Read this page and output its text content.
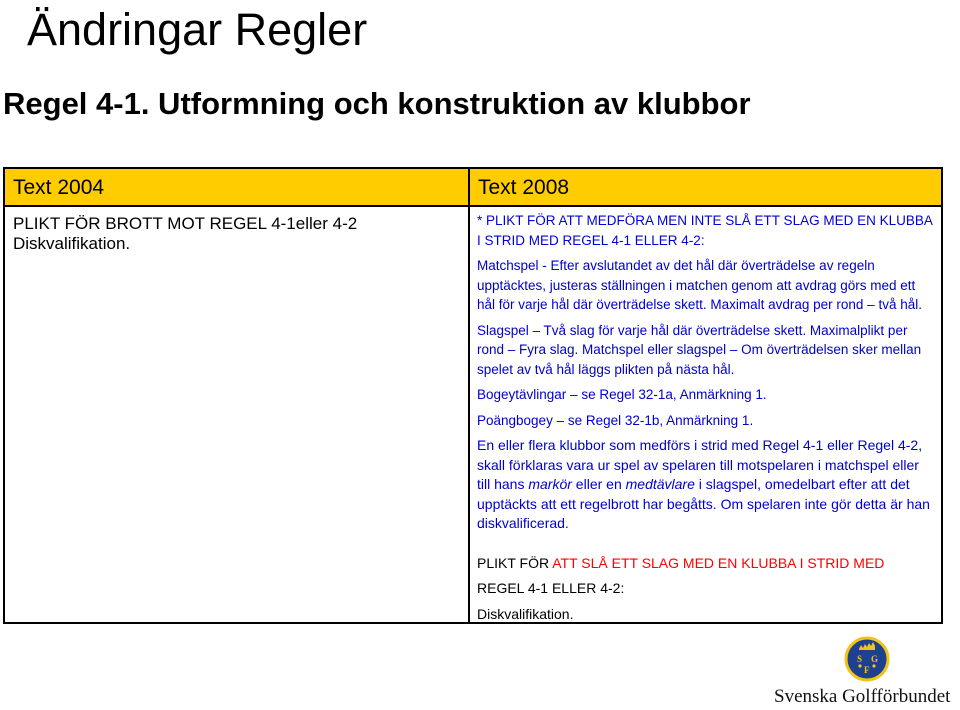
Ändringar Regler
Regel 4-1. Utformning och konstruktion av klubbor
Text 2004	Text 2008
PLIKT FÖR BROTT MOT REGEL 4-1eller 4-2
Diskvalifikation.

* PLIKT FÖR ATT MEDFÖRA MEN INTE SLÅ ETT SLAG MED EN KLUBBA I STRID MED REGEL 4-1 ELLER 4-2:

Matchspel - Efter avslutandet av det hål där överträdelse av regeln upptäcktes, justeras ställningen i matchen genom att avdrag görs med ett hål för varje hål där överträdelse skett. Maximalt avdrag per rond – två hål.

Slagspel – Två slag för varje hål där överträdelse skett. Maximalplikt per rond – Fyra slag. Matchspel eller slagspel – Om överträdelsen sker mellan spelet av två hål läggs plikten på nästa hål.

Bogeytävlingar – se Regel 32-1a, Anmärkning 1.

Poängbogey – se Regel 32-1b, Anmärkning 1.

En eller flera klubbor som medförs i strid med Regel 4-1 eller Regel 4-2, skall förklaras vara ur spel av spelaren till motspelaren i matchspel eller till hans markör eller en medtävlare i slagspel, omedelbart efter att det upptäckts att ett regelbrott har begåtts. Om spelaren inte gör detta är han diskvalificerad.

PLIKT FÖR ATT SLÅ ETT SLAG MED EN KLUBBA I STRID MED

REGEL 4-1 ELLER 4-2:

Diskvalifikation.

S G
F
Svenska Golfförbundet
